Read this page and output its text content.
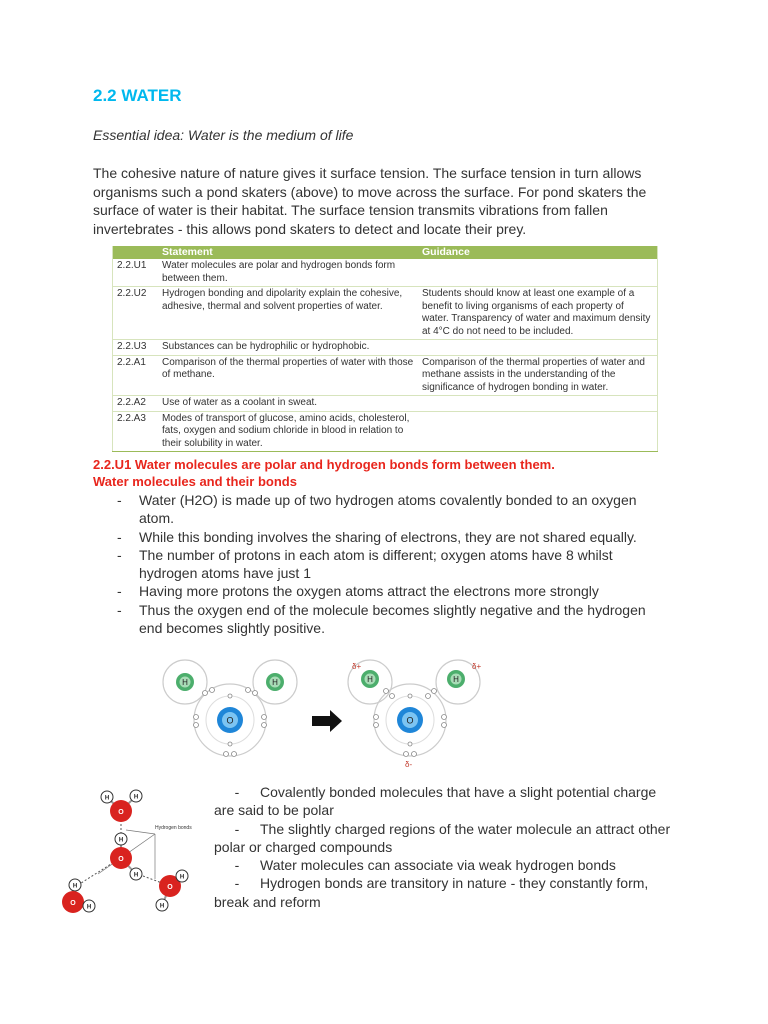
2.2 WATER
Essential idea: Water is the medium of life

The cohesive nature of nature gives it surface tension. The surface tension in turn allows organisms such a pond skaters (above) to move across the surface. For pond skaters the surface of water is their habitat. The surface tension transmits vibrations from fallen invertebrates - this allows pond skaters to detect and locate their prey.

	Statement	Guidance
2.2.U1	Water molecules are polar and hydrogen bonds form between them.	
2.2.U2	Hydrogen bonding and dipolarity explain the cohesive, adhesive, thermal and solvent properties of water.	Students should know at least one example of a benefit to living organisms of each property of water. Transparency of water and maximum density at 4°C do not need to be included.
2.2.U3	Substances can be hydrophilic or hydrophobic.	
2.2.A1	Comparison of the thermal properties of water with those of methane.	Comparison of the thermal properties of water and methane assists in the understanding of the significance of hydrogen bonding in water.
2.2.A2	Use of water as a coolant in sweat.	
2.2.A3	Modes of transport of glucose, amino acids, cholesterol, fats, oxygen and sodium chloride in blood in relation to their solubility in water.	
2.2.U1 Water molecules are polar and hydrogen bonds form between them.
Water molecules and their bonds
- Water (H2O) is made up of two hydrogen atoms covalently bonded to an oxygen atom.
- While this bonding involves the sharing of electrons, they are not shared equally.
- The number of protons in each atom is different; oxygen atoms have 8 whilst hydrogen atoms have just 1
- Having more protons the oxygen atoms attract the electrons more strongly
- Thus the oxygen end of the molecule becomes slightly negative and the hydrogen end becomes slightly positive.
O
H	H
O
H	H
δ+	δ+
δ-
Hydrogen bonds
O
H	H
H
O
H
H
O
H
O
H
H

- Covalently bonded molecules that have a slight potential charge are said to be polar

- The slightly charged regions of the water molecule an attract other polar or charged compounds

- Water molecules can associate via weak hydrogen bonds

- Hydrogen bonds are transitory in nature - they constantly form, break and reform
